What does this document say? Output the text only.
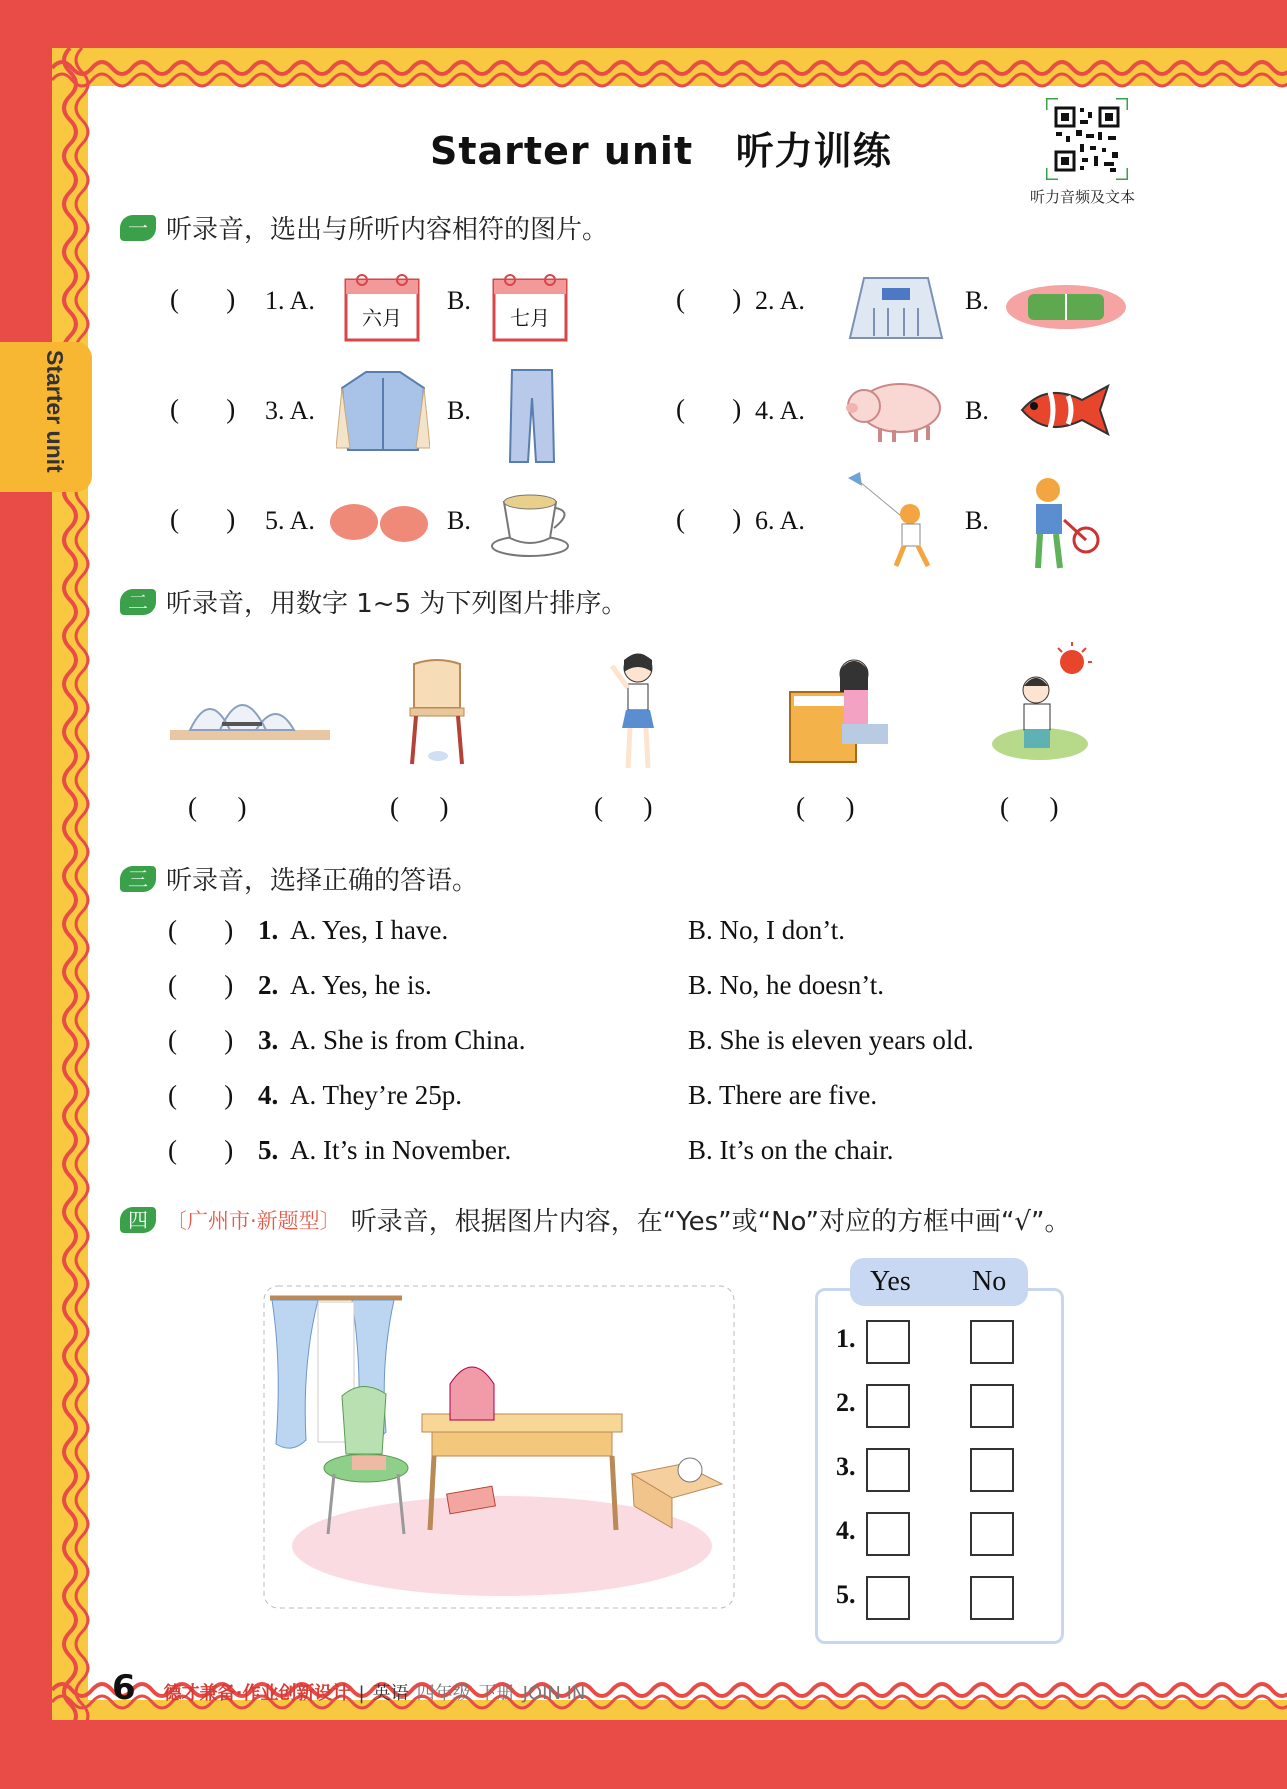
Starter unit
Starter unit   听力训练
听力音频及文本
一 听录音，选出与所听内容相符的图片。
(       ) 1. A.	B.
六月	七月
(       ) 2. A.	B.
(       ) 3. A.	B.	(       ) 4. A.	B.
(       ) 5. A.	B.	(       ) 6. A.	B.
二 听录音，用数字 1~5 为下列图片排序。
(      )	(      )	(      )	(      )	(      )
三 听录音，选择正确的答语。
(       ) 1. A. Yes, I have.	B. No, I don’t.
(       ) 2. A. Yes, he is.	B. No, he doesn’t.
(       ) 3. A. She is from China.	B. She is eleven years old.
(       ) 4. A. They’re 25p.	B. There are five.
(       ) 5. A. It’s in November.	B. It’s on the chair.
四 〔广州市·新题型〕 听录音，根据图片内容，在“Yes”或“No”对应的方框中画“√”。
Yes No
1.
2.
3.
4.
5.
6 德才兼备·作业创新设计 | 英语 四年级 下册 JOIN IN
